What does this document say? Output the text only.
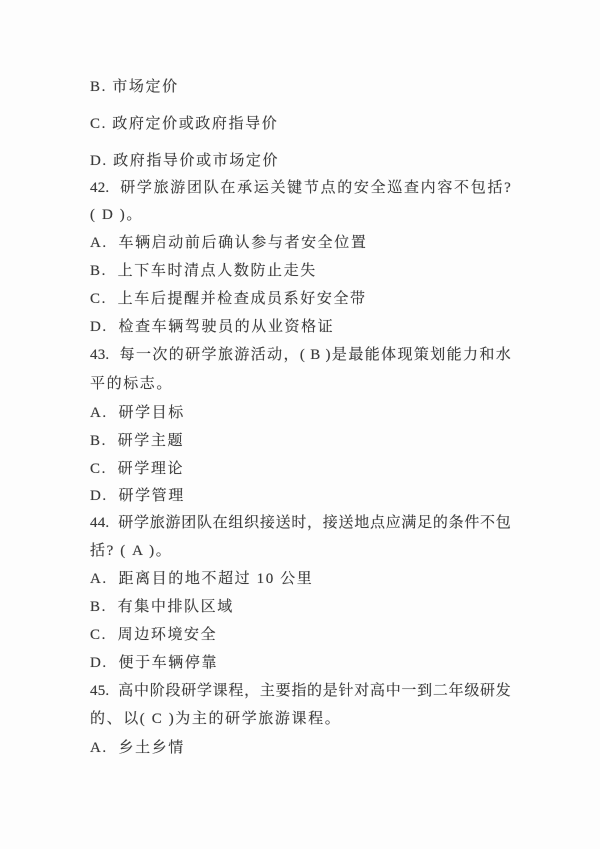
B. 市场定价
C. 政府定价或政府指导价
D. 政府指导价或市场定价
42.  研学旅游团队在承运关键节点的安全巡查内容不包括?
( D )。
A.  车辆启动前后确认参与者安全位置
B.  上下车时清点人数防止走失
C.  上车后提醒并检查成员系好安全带
D.  检查车辆驾驶员的从业资格证
43.  每一次的研学旅游活动，( B )是最能体现策划能力和水
平的标志。
A.  研学目标
B.  研学主题
C.  研学理论
D.  研学管理
44.  研学旅游团队在组织接送时，接送地点应满足的条件不包
括? ( A )。
A.  距离目的地不超过 10 公里
B.  有集中排队区域
C.  周边环境安全
D.  便于车辆停靠
45.  高中阶段研学课程，主要指的是针对高中一到二年级研发
的、以( C )为主的研学旅游课程。
A.  乡土乡情
